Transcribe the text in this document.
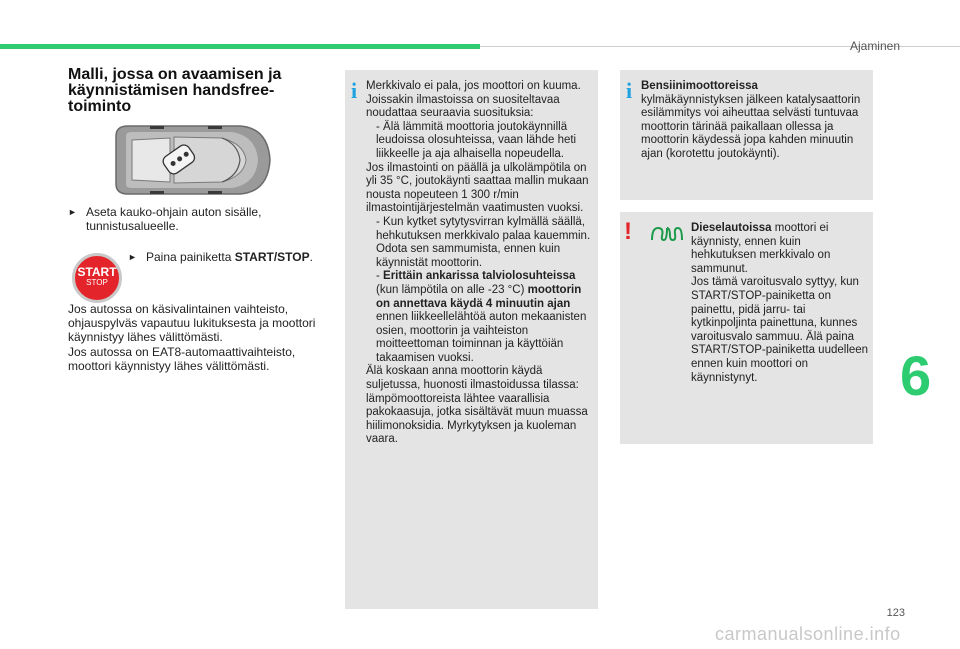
Ajaminen
Malli, jossa on avaamisen ja käynnistämisen handsfree-toiminto
► Aseta kauko-ohjain auton sisälle, tunnistusalueelle.
START
STOP
► Paina painiketta START/STOP.
Jos autossa on käsivalintainen vaihteisto, ohjauspylväs vapautuu lukituksesta ja moottori käynnistyy lähes välittömästi.
Jos autossa on EAT8-automaattivaihteisto, moottori käynnistyy lähes välittömästi.
i Merkkivalo ei pala, jos moottori on kuuma.
Joissakin ilmastoissa on suositeltavaa noudattaa seuraavia suosituksia:
- Älä lämmitä moottoria joutokäynnillä leudoissa olosuhteissa, vaan lähde heti liikkeelle ja aja alhaisella nopeudella.
Jos ilmastointi on päällä ja ulkolämpötila on yli 35 °C, joutokäynti saattaa mallin mukaan nousta nopeuteen 1 300 r/min ilmastointijärjestelmän vaatimusten vuoksi.
- Kun kytket sytytysvirran kylmällä säällä, hehkutuksen merkkivalo palaa kauemmin. Odota sen sammumista, ennen kuin käynnistät moottorin.
- Erittäin ankarissa talviolosuhteissa (kun lämpötila on alle -23 °C) moottorin on annettava käydä 4 minuutin ajan ennen liikkeellelähtöä auton mekaanisten osien, moottorin ja vaihteiston moitteettoman toiminnan ja käyttöiän takaamisen vuoksi.
Älä koskaan anna moottorin käydä suljetussa, huonosti ilmastoidussa tilassa: lämpömoottoreista lähtee vaarallisia pakokaasuja, jotka sisältävät muun muassa hiilimonoksidia. Myrkytyksen ja kuoleman vaara.
i Bensiinimoottoreissa
kylmäkäynnistyksen jälkeen katalysaattorin esilämmitys voi aiheuttaa selvästi tuntuvaa moottorin tärinää paikallaan ollessa ja moottorin käydessä jopa kahden minuutin ajan (korotettu joutokäynti).
!	Dieselautoissa moottori ei käynnisty, ennen kuin hehkutuksen merkkivalo on sammunut.
Jos tämä varoitusvalo syttyy, kun START/STOP-painiketta on painettu, pidä jarru- tai kytkinpoljinta painettuna, kunnes varoitusvalo sammuu. Älä paina START/STOP-painiketta uudelleen ennen kuin moottori on käynnistynyt.	6
123
carmanualsonline.info
